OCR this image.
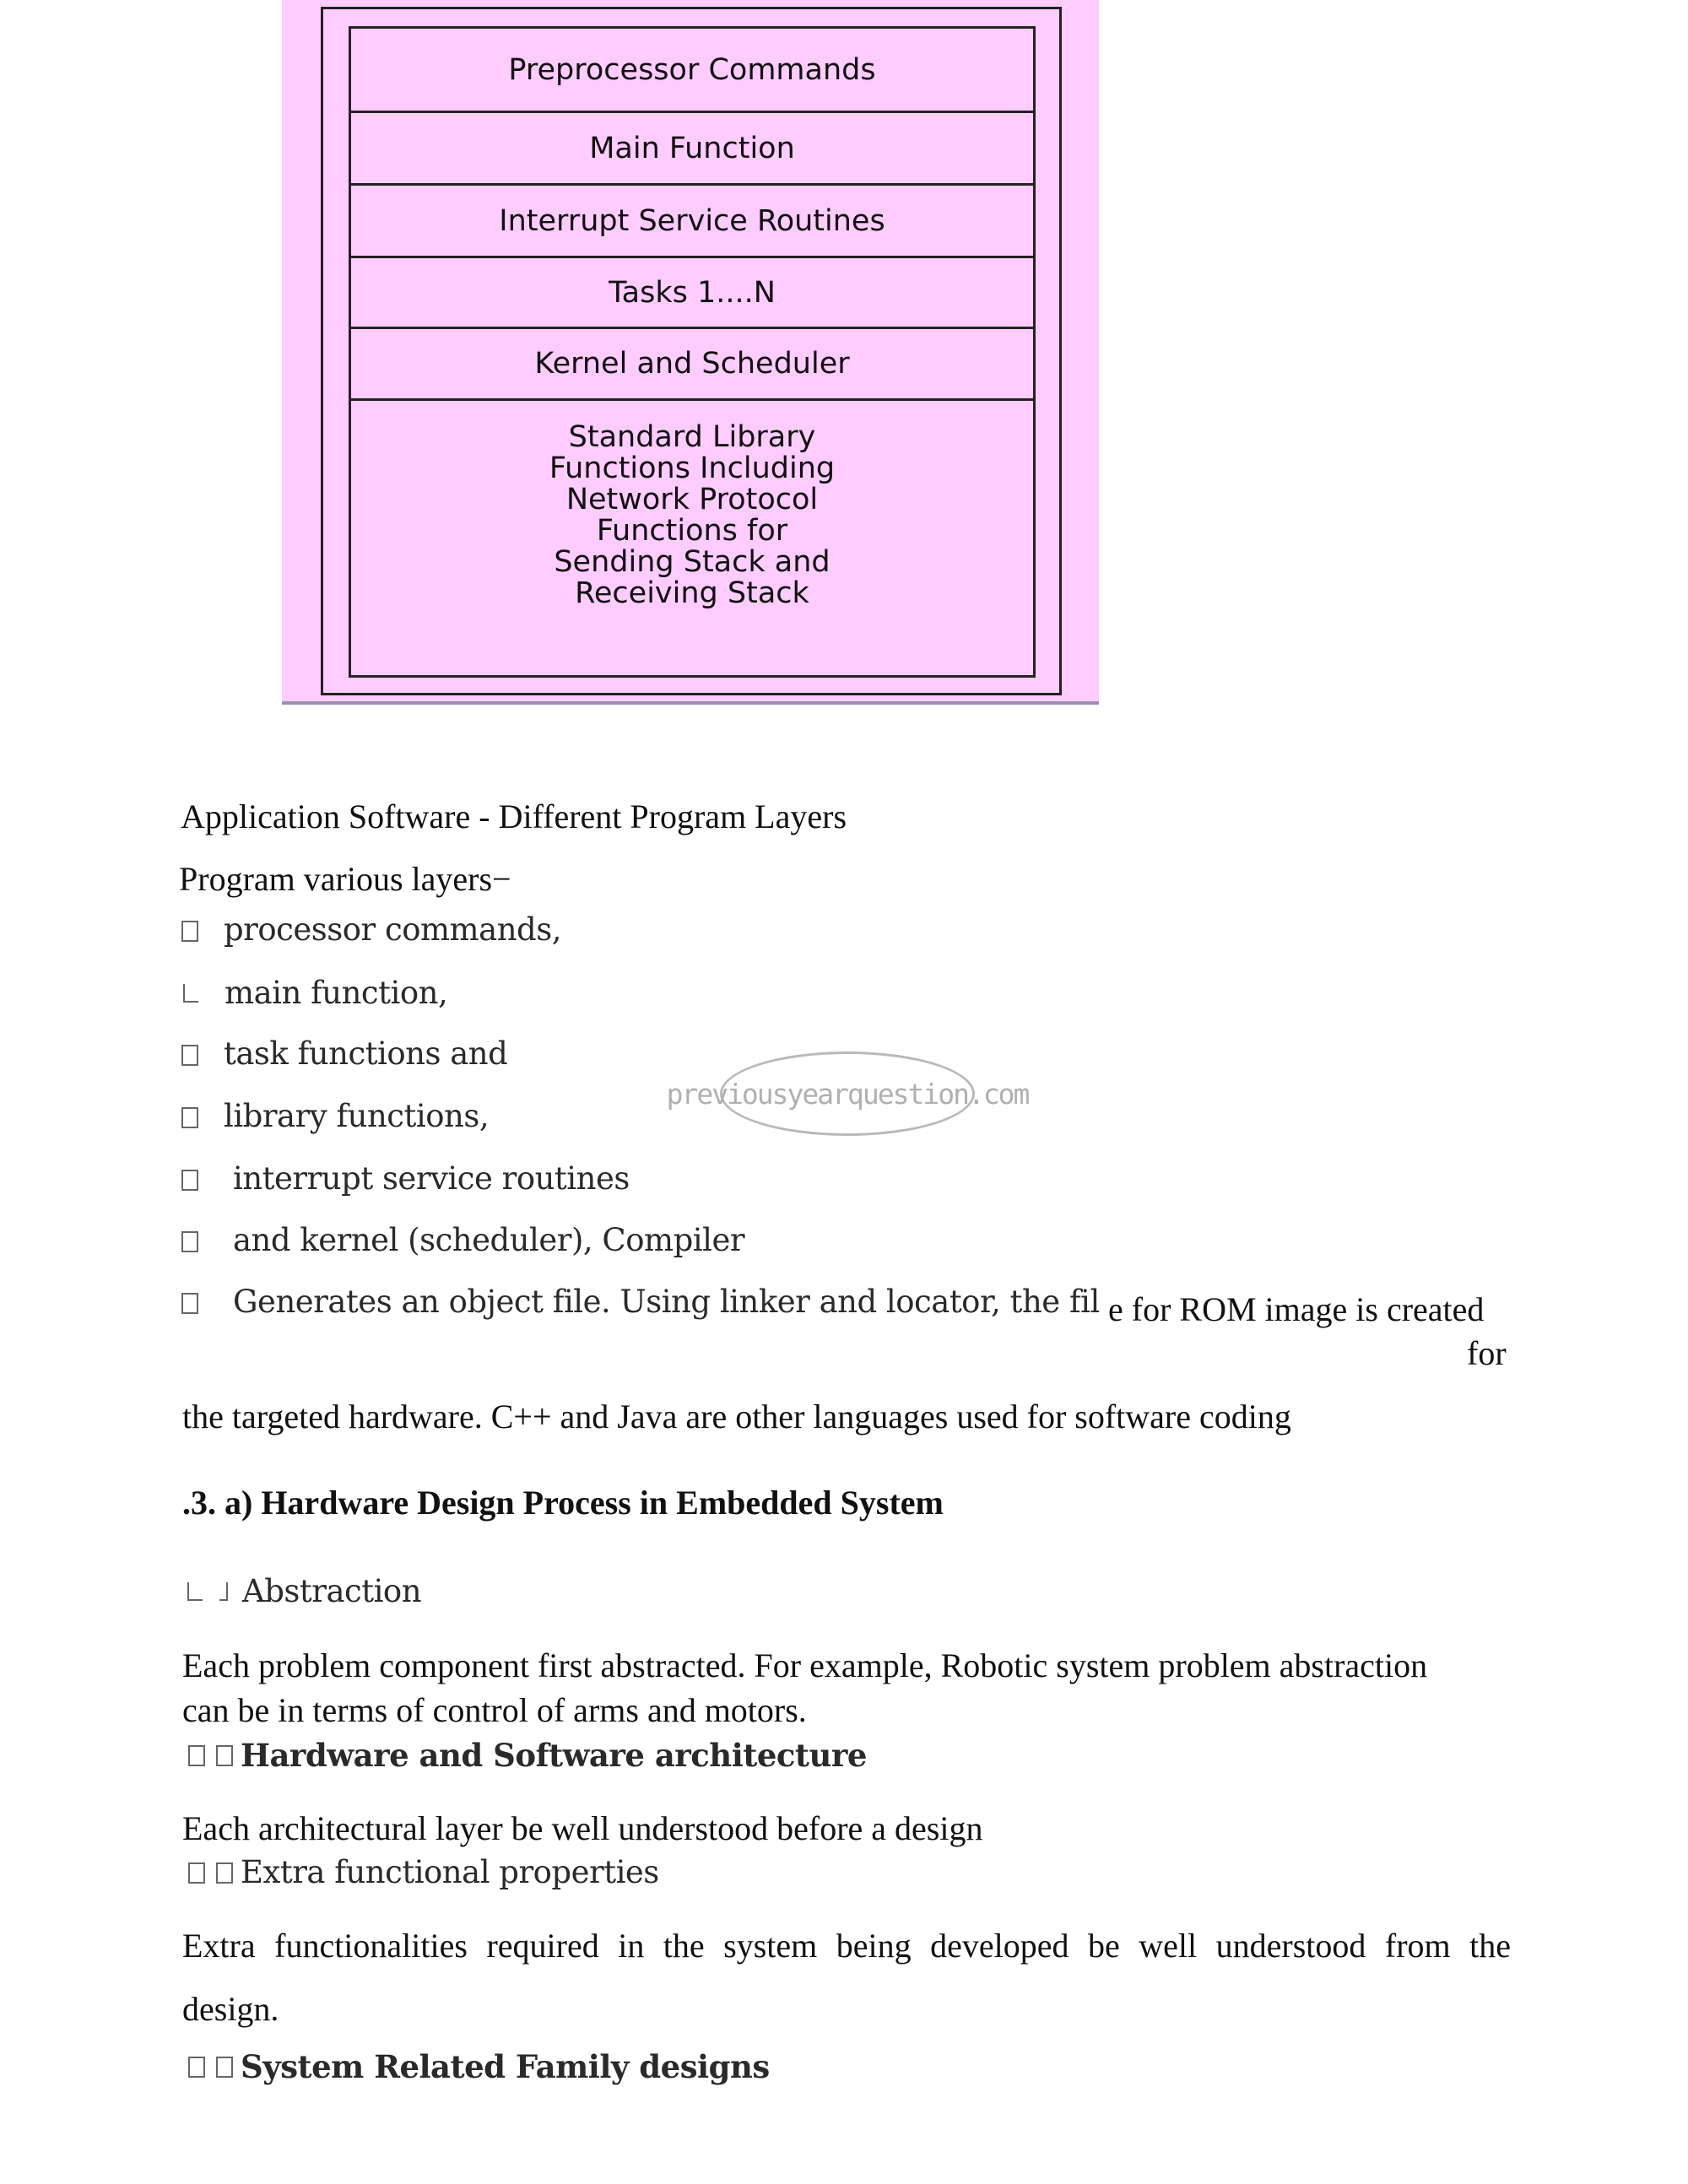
Preprocessor Commands
Main Function
Interrupt Service Routines
Tasks 1....N
Kernel and Scheduler
Standard Library
Functions Including
Network Protocol
Functions for
Sending Stack and
Receiving Stack
Application Software - Different Program Layers
Program various layers−
processor commands,
main function,
task functions and
library functions,
interrupt service routines
and kernel (scheduler), Compiler
Generates an object file. Using linker and locator, the fil e for ROM image is created
for
the targeted hardware. C++ and Java are other languages used for software coding
.3. a) Hardware Design Process in Embedded System
Abstraction
Each problem component first abstracted. For example, Robotic system problem abstraction
can be in terms of control of arms and motors.
Hardware and Software architecture
Each architectural layer be well understood before a design
Extra functional properties
Extra functionalities required in the system being developed be well understood from the
design.
System Related Family designs
previousyearquestion.com
